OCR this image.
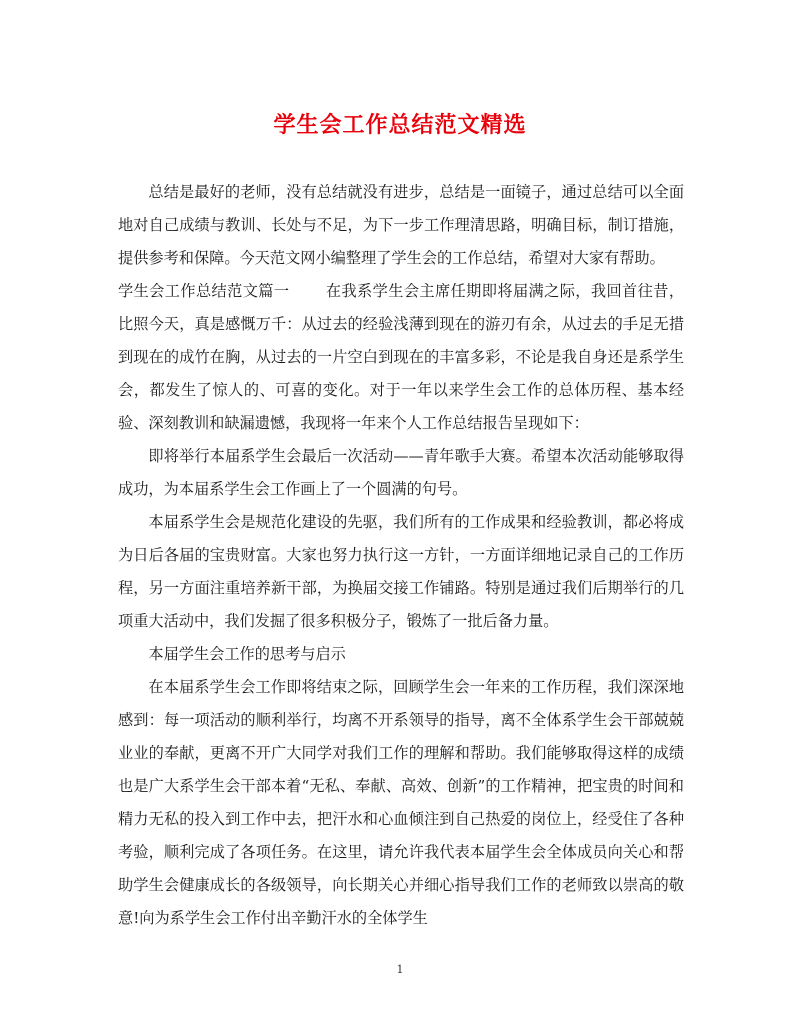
学生会工作总结范文精选

总结是最好的老师，没有总结就没有进步，总结是一面镜子，通过总结可以全面地对自己成绩与教训、长处与不足，为下一步工作理清思路，明确目标，制订措施，提供参考和保障。今天范文网小编整理了学生会的工作总结，希望对大家有帮助。

学生会工作总结范文篇一 在我系学生会主席任期即将届满之际，我回首往昔，比照今天，真是感慨万千：从过去的经验浅薄到现在的游刃有余，从过去的手足无措到现在的成竹在胸，从过去的一片空白到现在的丰富多彩，不论是我自身还是系学生会，都发生了惊人的、可喜的变化。对于一年以来学生会工作的总体历程、基本经验、深刻教训和缺漏遗憾，我现将一年来个人工作总结报告呈现如下：

即将举行本届系学生会最后一次活动——青年歌手大赛。希望本次活动能够取得成功，为本届系学生会工作画上了一个圆满的句号。

本届系学生会是规范化建设的先驱，我们所有的工作成果和经验教训，都必将成为日后各届的宝贵财富。大家也努力执行这一方针，一方面详细地记录自己的工作历程，另一方面注重培养新干部，为换届交接工作铺路。特别是通过我们后期举行的几项重大活动中，我们发掘了很多积极分子，锻炼了一批后备力量。

本届学生会工作的思考与启示

在本届系学生会工作即将结束之际，回顾学生会一年来的工作历程，我们深深地感到：每一项活动的顺利举行，均离不开系领导的指导，离不全体系学生会干部兢兢业业的奉献，更离不开广大同学对我们工作的理解和帮助。我们能够取得这样的成绩也是广大系学生会干部本着“无私、奉献、高效、创新”的工作精神，把宝贵的时间和精力无私的投入到工作中去，把汗水和心血倾注到自己热爱的岗位上，经受住了各种考验，顺利完成了各项任务。在这里，请允许我代表本届学生会全体成员向关心和帮助学生会健康成长的各级领导，向长期关心并细心指导我们工作的老师致以崇高的敬意!向为系学生会工作付出辛勤汗水的全体学生

1
